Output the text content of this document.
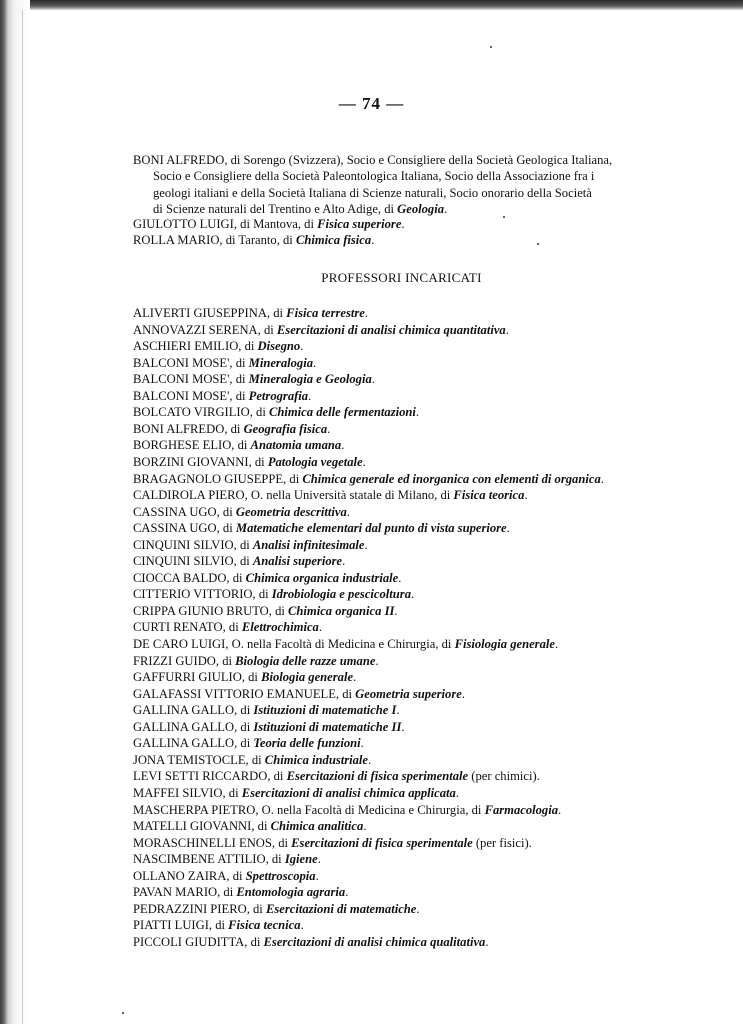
— 74 —
BONI ALFREDO, di Sorengo (Svizzera), Socio e Consigliere della Società Geologica Italiana,
Socio e Consigliere della Società Paleontologica Italiana, Socio della Associazione fra i
geologi italiani e della Società Italiana di Scienze naturali, Socio onorario della Società
di Scienze naturali del Trentino e Alto Adige, di Geologia.
GIULOTTO LUIGI, di Mantova, di Fisica superiore.
ROLLA MARIO, di Taranto, di Chimica fisica.
PROFESSORI INCARICATI
ALIVERTI GIUSEPPINA, di Fisica terrestre.
ANNOVAZZI SERENA, di Esercitazioni di analisi chimica quantitativa.
ASCHIERI EMILIO, di Disegno.
BALCONI MOSE', di Mineralogia.
BALCONI MOSE', di Mineralogia e Geologia.
BALCONI MOSE', di Petrografia.
BOLCATO VIRGILIO, di Chimica delle fermentazioni.
BONI ALFREDO, di Geografia fisica.
BORGHESE ELIO, di Anatomia umana.
BORZINI GIOVANNI, di Patologia vegetale.
BRAGAGNOLO GIUSEPPE, di Chimica generale ed inorganica con elementi di organica.
CALDIROLA PIERO, O. nella Università statale di Milano, di Fisica teorica.
CASSINA UGO, di Geometria descrittiva.
CASSINA UGO, di Matematiche elementari dal punto di vista superiore.
CINQUINI SILVIO, di Analisi infinitesimale.
CINQUINI SILVIO, di Analisi superiore.
CIOCCA BALDO, di Chimica organica industriale.
CITTERIO VITTORIO, di Idrobiologia e pescicoltura.
CRIPPA GIUNIO BRUTO, di Chimica organica II.
CURTI RENATO, di Elettrochimica.
DE CARO LUIGI, O. nella Facoltà di Medicina e Chirurgia, di Fisiologia generale.
FRIZZI GUIDO, di Biologia delle razze umane.
GAFFURRI GIULIO, di Biologia generale.
GALAFASSI VITTORIO EMANUELE, di Geometria superiore.
GALLINA GALLO, di Istituzioni di matematiche I.
GALLINA GALLO, di Istituzioni di matematiche II.
GALLINA GALLO, di Teoria delle funzioni.
JONA TEMISTOCLE, di Chimica industriale.
LEVI SETTI RICCARDO, di Esercitazioni di fisica sperimentale (per chimici).
MAFFEI SILVIO, di Esercitazioni di analisi chimica applicata.
MASCHERPA PIETRO, O. nella Facoltà di Medicina e Chirurgia, di Farmacologia.
MATELLI GIOVANNI, di Chimica analitica.
MORASCHINELLI ENOS, di Esercitazioni di fisica sperimentale (per fisici).
NASCIMBENE ATTILIO, di Igiene.
OLLANO ZAIRA, di Spettroscopia.
PAVAN MARIO, di Entomologia agraria.
PEDRAZZINI PIERO, di Esercitazioni di matematiche.
PIATTI LUIGI, di Fisica tecnica.
PICCOLI GIUDITTA, di Esercitazioni di analisi chimica qualitativa.
